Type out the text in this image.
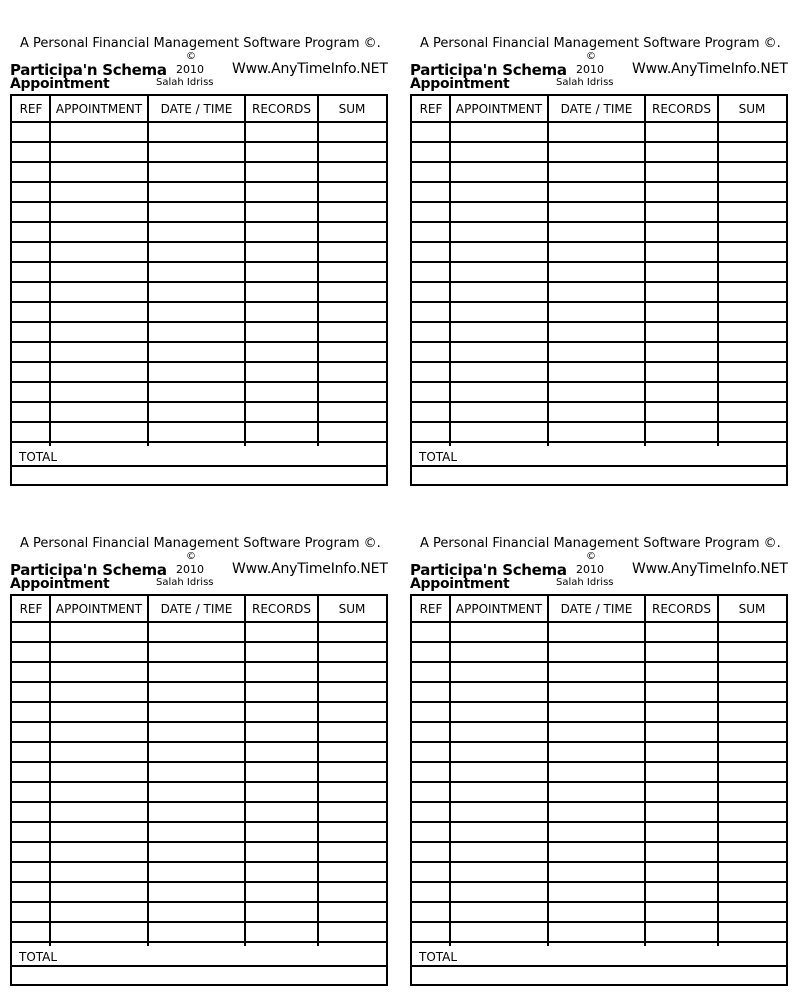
A Personal Financial Management Software Program ©.
Participa'n Schema
Appointment
©
2010
Salah Idriss
Www.AnyTimeInfo.NET
REF	APPOINTMENT	DATE / TIME	RECORDS	SUM
TOTAL
A Personal Financial Management Software Program ©.
Participa'n Schema
Appointment
©
2010
Salah Idriss
Www.AnyTimeInfo.NET
REF	APPOINTMENT	DATE / TIME	RECORDS	SUM
TOTAL
A Personal Financial Management Software Program ©.
Participa'n Schema
Appointment
©
2010
Salah Idriss
Www.AnyTimeInfo.NET
REF	APPOINTMENT	DATE / TIME	RECORDS	SUM
TOTAL
A Personal Financial Management Software Program ©.
Participa'n Schema
Appointment
©
2010
Salah Idriss
Www.AnyTimeInfo.NET
REF	APPOINTMENT	DATE / TIME	RECORDS	SUM
TOTAL
